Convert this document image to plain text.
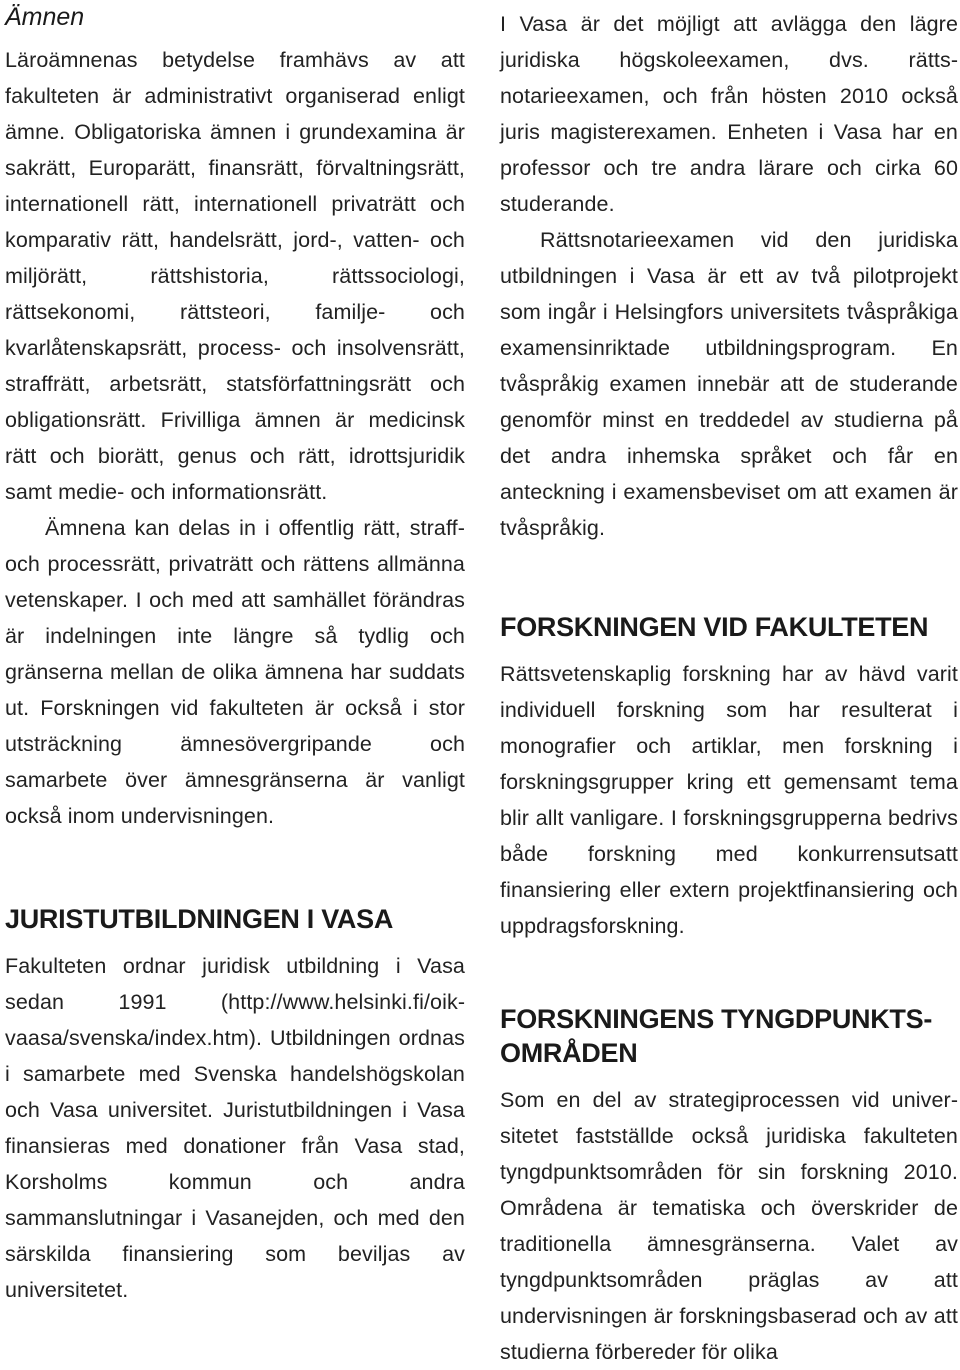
Ämnen

Läroämnenas betydelse framhävs av att fakulteten är administrativt organiserad enligt ämne. Obligatoriska ämnen i grundexamina är sakrätt, Europarätt, finansrätt, förvaltningsrätt, internationell rätt, internationell privaträtt och komparativ rätt, handelsrätt, jord-, vatten- och miljörätt, rättshistoria, rättssociologi, rättsekonomi, rättsteori, familje- och kvarlåtenskapsrätt, process- och insolvensrätt, straffrätt, arbetsrätt, statsförfattningsrätt och obligationsrätt. Frivilliga ämnen är medicinsk rätt och biorätt, genus och rätt, idrottsjuridik samt medie- och informationsrätt.

Ämnena kan delas in i offentlig rätt, straff- och processrätt, privaträtt och rättens allmänna vetenskaper. I och med att samhället förändras är indelningen inte längre så tydlig och gränserna mellan de olika ämnena har suddats ut. Forskningen vid fakulteten är också i stor utsträckning ämnesövergripande och samarbete över ämnesgränserna är vanligt också inom undervisningen.

JURISTUTBILDNINGEN I VASA

Fakulteten ordnar juridisk utbildning i Vasa sedan 1991 (http://www.helsinki.fi/oikvaasa/svenska/index.htm). Utbildningen ordnas i samarbete med Svenska handelshögskolan och Vasa universitet. Juristutbildningen i Vasa finansieras med donationer från Vasa stad, Korsholms kommun och andra sammanslutningar i Vasanejden, och med den särskilda finansiering som beviljas av universitetet.

I Vasa är det möjligt att avlägga den lägre juridiska högskoleexamen, dvs. rättsnotarieexamen, och från hösten 2010 också juris magisterexamen. Enheten i Vasa har en professor och tre andra lärare och cirka 60 studerande.

Rättsnotarieexamen vid den juridiska utbildningen i Vasa är ett av två pilotprojekt som ingår i Helsingfors universitets tvåspråkiga examensinriktade utbildningsprogram. En tvåspråkig examen innebär att de studerande genomför minst en treddedel av studierna på det andra inhemska språket och får en anteckning i examensbeviset om att examen är tvåspråkig.

FORSKNINGEN VID FAKULTETEN

Rättsvetenskaplig forskning har av hävd varit individuell forskning som har resulterat i monografier och artiklar, men forskning i forskningsgrupper kring ett gemensamt tema blir allt vanligare. I forskningsgrupperna bedrivs både forskning med konkurrensutsatt finansiering eller extern projektfinansiering och uppdragsforskning.

FORSKNINGENS TYNGDPUNKTSOMRÅDEN

Som en del av strategiprocessen vid universitetet fastställde också juridiska fakulteten tyngdpunktsområden för sin forskning 2010. Områdena är tematiska och överskrider de traditionella ämnesgränserna. Valet av tyngdpunktsområden präglas av att undervisningen är forskningsbaserad och av att studierna förbereder för olika
